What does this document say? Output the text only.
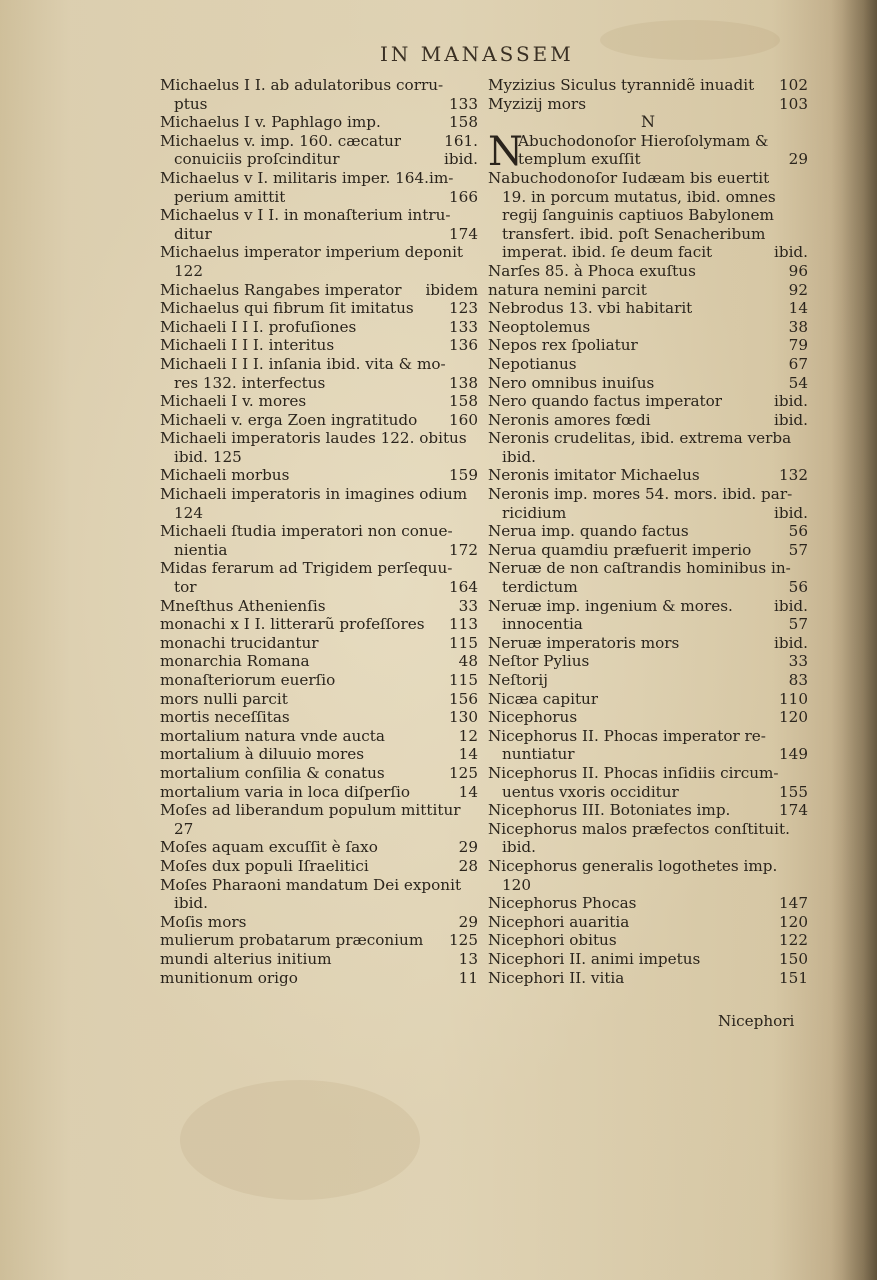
IN MANASSEM
Michaelus I I. ab adulatoribus corru-
ptus	133
Michaelus I v. Paphlago imp.	158
Michaelus v. imp. 160. cæcatur	161.
conuiciis proſcinditur	ibid.
Michaelus v I. militaris imper. 164.im-
perium amittit	166
Michaelus v I I. in monaſterium intru-
ditur	174
Michaelus imperator imperium deponit
122
Michaelus Rangabes imperator	ibidem
Michaelus qui fibrum ſit imitatus	123
Michaeli I I I. profuſiones	133
Michaeli I I I. interitus	136
Michaeli I I I. inſania ibid. vita & mo-
res 132. interfectus	138
Michaeli I v. mores	158
Michaeli v. erga Zoen ingratitudo	160
Michaeli imperatoris laudes 122. obitus
ibid. 125
Michaeli morbus	159
Michaeli imperatoris in imagines odium
124
Michaeli ſtudia imperatori non conue-
nientia	172
Midas ferarum ad Trigidem perſequu-
tor	164
Mneſthus Athenienſis	33
monachi x I I. litterarũ profeſſores	113
monachi trucidantur	115
monarchia Romana	48
monaſteriorum euerſio	115
mors nulli parcit	156
mortis neceſſitas	130
mortalium natura vnde aucta	12
mortalium à diluuio mores	14
mortalium conſilia & conatus	125
mortalium varia in loca diſperſio	14
Moſes ad liberandum populum mittitur
27
Moſes aquam excuſſit è ſaxo	29
Moſes dux populi Iſraelitici	28
Moſes Pharaoni mandatum Dei exponit
ibid.
Moſis mors	29
mulierum probatarum præconium	125
mundi alterius initium	13
munitionum origo	11
Myzizius Siculus tyrannidẽ inuadit	102
Myzizij mors	103
N
Abuchodonoſor Hieroſolymam &
templum exuſſit	29
N
Nabuchodonoſor Iudæam bis euertit
19. in porcum mutatus, ibid. omnes
regij ſanguinis captiuos Babylonem
transfert. ibid. poſt Senacheribum
imperat. ibid. ſe deum facit	ibid.
Narſes 85. à Phoca exuſtus	96
natura nemini parcit	92
Nebrodus 13. vbi habitarit	14
Neoptolemus	38
Nepos rex ſpoliatur	79
Nepotianus	67
Nero omnibus inuiſus	54
Nero quando factus imperator	ibid.
Neronis amores fœdi	ibid.
Neronis crudelitas, ibid. extrema verba
ibid.
Neronis imitator Michaelus	132
Neronis imp. mores 54. mors. ibid. par-
ricidium	ibid.
Nerua imp. quando factus	56
Nerua quamdiu præfuerit imperio	57
Neruæ de non caſtrandis hominibus in-
terdictum	56
Neruæ imp. ingenium & mores.	ibid.
innocentia	57
Neruæ imperatoris mors	ibid.
Neſtor Pylius	33
Neſtorij	83
Nicæa capitur	110
Nicephorus	120
Nicephorus II. Phocas imperator re-
nuntiatur	149
Nicephorus II. Phocas inſidiis circum-
uentus vxoris occiditur	155
Nicephorus III. Botoniates imp.	174
Nicephorus malos præfectos conſtituit.
ibid.
Nicephorus generalis logothetes imp.
120
Nicephorus Phocas	147
Nicephori auaritia	120
Nicephori obitus	122
Nicephori II. animi impetus	150
Nicephori II. vitia	151
Nicephori
